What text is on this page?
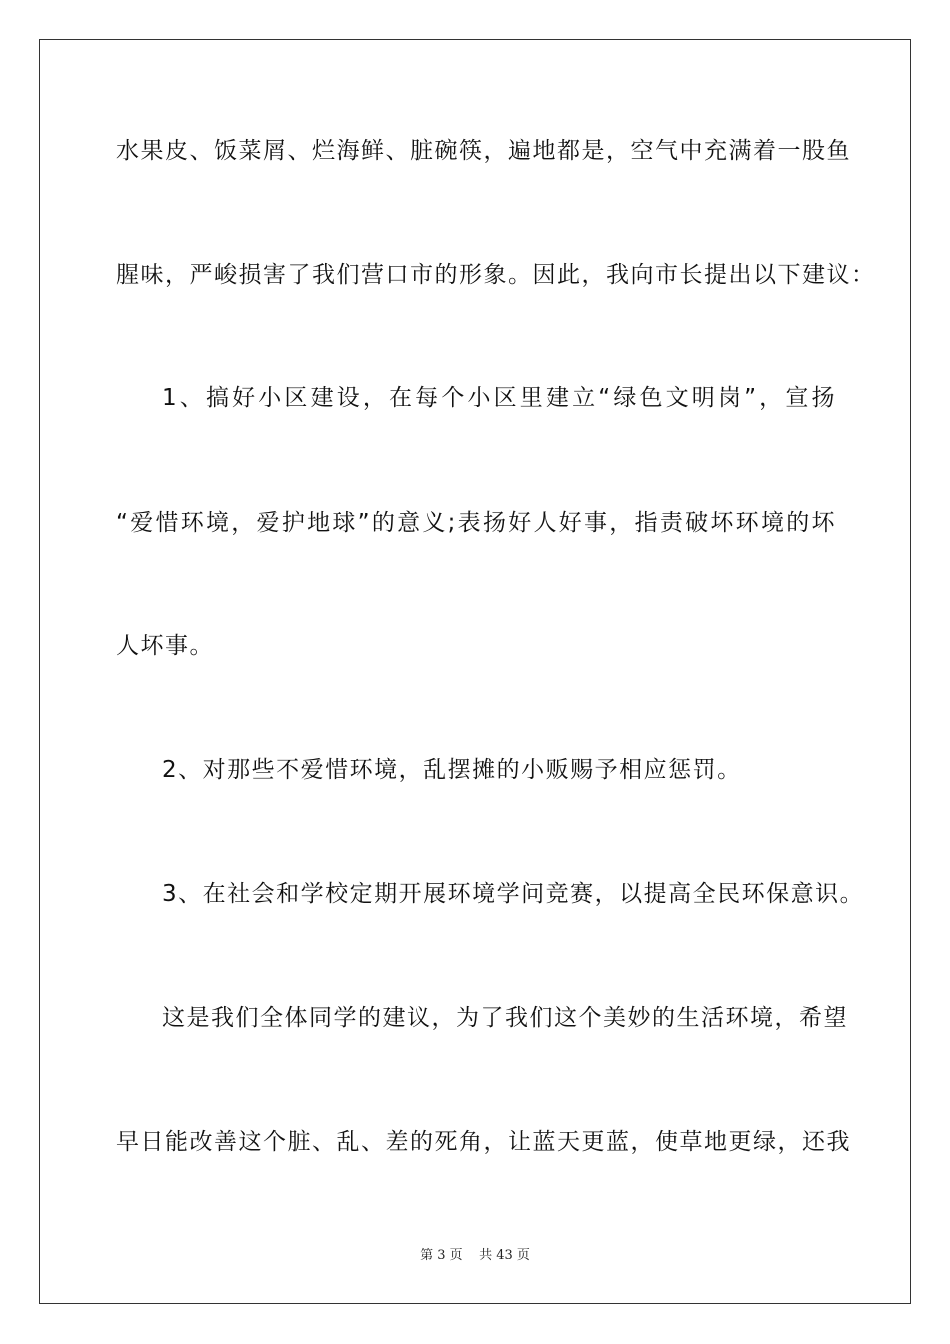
水果皮、饭菜屑、烂海鲜、脏碗筷，遍地都是，空气中充满着一股鱼
腥味，严峻损害了我们营口市的形象。因此，我向市长提出以下建议：
1、搞好小区建设，在每个小区里建立“绿色文明岗”，宣扬
“爱惜环境，爱护地球”的意义;表扬好人好事，指责破坏环境的坏
人坏事。
2、对那些不爱惜环境，乱摆摊的小贩赐予相应惩罚。
3、在社会和学校定期开展环境学问竞赛，以提高全民环保意识。
这是我们全体同学的建议，为了我们这个美妙的生活环境，希望
早日能改善这个脏、乱、差的死角，让蓝天更蓝，使草地更绿，还我
第 3 页    共 43 页
